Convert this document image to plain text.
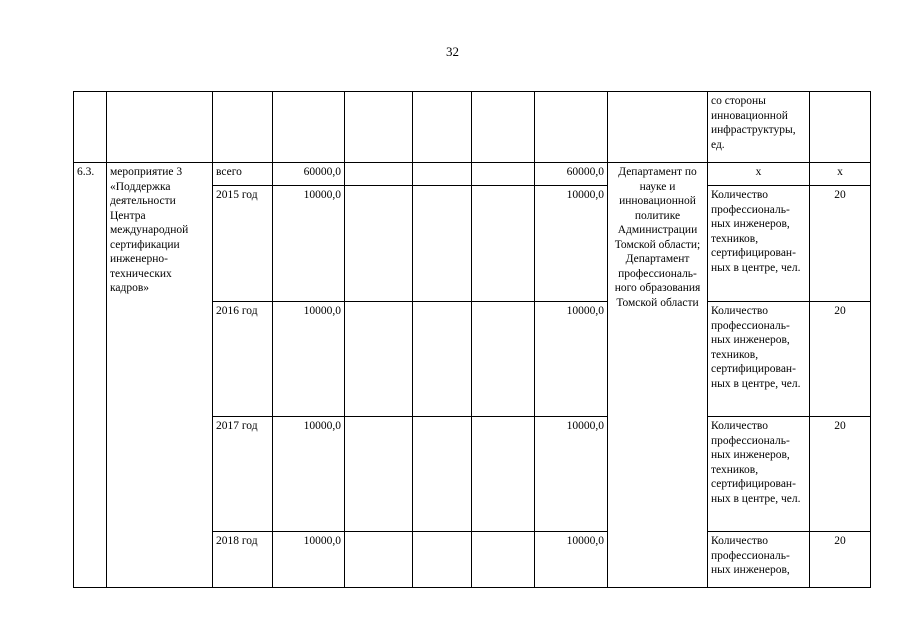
32
									со стороны инновационной инфраструктуры, ед.	
6.3.	мероприятие 3 «Поддержка деятельности Центра международной сертификации инженерно-технических кадров»	всего	60000,0				60000,0	Департамент по науке и инновационной политике Администрации Томской области; Департамент профессиональ-ного образования Томской области	х	х
		2015 год	10000,0				10000,0		Количество профессиональ-ных инженеров, техников, сертифицирован-ных в центре, чел.	20
		2016 год	10000,0				10000,0		Количество профессиональ-ных инженеров, техников, сертифицирован-ных в центре, чел.	20
		2017 год	10000,0				10000,0		Количество профессиональ-ных инженеров, техников, сертифицирован-ных в центре, чел.	20
		2018 год	10000,0				10000,0		Количество профессиональ-ных инженеров,	20
